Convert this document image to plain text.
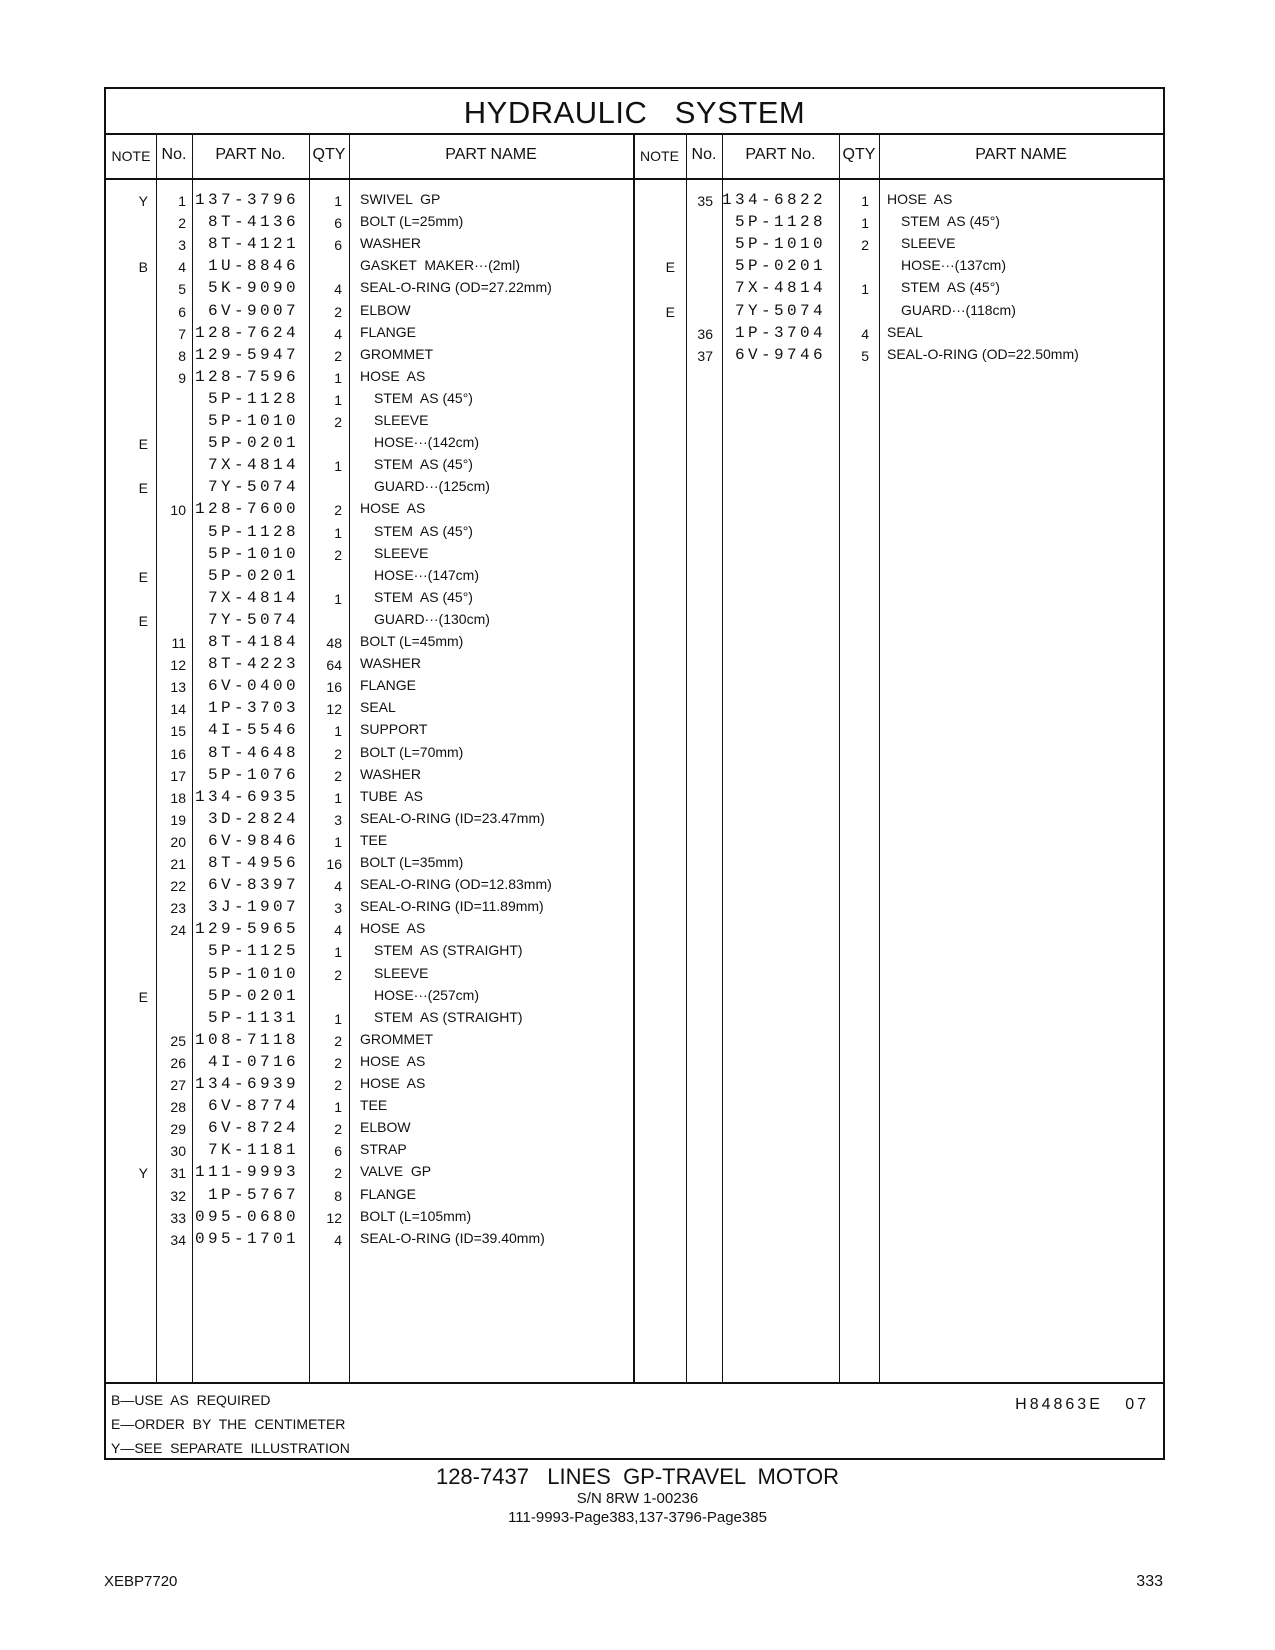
HYDRAULIC   SYSTEM
NOTE No.	PART No.	QTY	PART NAME	NOTE No.	PART No.	QTY	PART NAME
Y	1 137-3796	1 SWIVEL  GP
2	8T-4136	6 BOLT (L=25mm)
3	8T-4121	6 WASHER
B	4	1U-8846	GASKET  MAKER···(2ml)
5	5K-9090	4 SEAL-O-RING (OD=27.22mm)
6	6V-9007	2 ELBOW
7 128-7624	4 FLANGE
8 129-5947	2 GROMMET
9 128-7596	1 HOSE  AS
5P-1128	1 STEM  AS (45°)
5P-1010	2 SLEEVE
E	5P-0201	HOSE···(142cm)
7X-4814	1 STEM  AS (45°)
E	7Y-5074	GUARD···(125cm)
10 128-7600	2 HOSE  AS
5P-1128	1 STEM  AS (45°)
5P-1010	2 SLEEVE
E	5P-0201	HOSE···(147cm)
7X-4814	1 STEM  AS (45°)
E	7Y-5074	GUARD···(130cm)
11	8T-4184	48 BOLT (L=45mm)
12	8T-4223	64 WASHER
13	6V-0400	16 FLANGE
14	1P-3703	12 SEAL
15	4I-5546	1 SUPPORT
16	8T-4648	2 BOLT (L=70mm)
17	5P-1076	2 WASHER
18 134-6935	1 TUBE  AS
19	3D-2824	3 SEAL-O-RING (ID=23.47mm)
20	6V-9846	1 TEE
21	8T-4956	16 BOLT (L=35mm)
22	6V-8397	4 SEAL-O-RING (OD=12.83mm)
23	3J-1907	3 SEAL-O-RING (ID=11.89mm)
24 129-5965	4 HOSE  AS
5P-1125	1 STEM  AS (STRAIGHT)
5P-1010	2 SLEEVE
E	5P-0201	HOSE···(257cm)
5P-1131	1 STEM  AS (STRAIGHT)
25 108-7118	2 GROMMET
26	4I-0716	2 HOSE  AS
27 134-6939	2 HOSE  AS
28	6V-8774	1 TEE
29	6V-8724	2 ELBOW
30	7K-1181	6 STRAP
Y	31 111-9993	2 VALVE  GP
32	1P-5767	8 FLANGE
33 095-0680	12 BOLT (L=105mm)
34 095-1701	4 SEAL-O-RING (ID=39.40mm)
35 134-6822	1 HOSE  AS
5P-1128	1 STEM  AS (45°)
5P-1010	2 SLEEVE
E	5P-0201	HOSE···(137cm)
7X-4814	1 STEM  AS (45°)
E	7Y-5074	GUARD···(118cm)
36	1P-3704	4 SEAL
37	6V-9746	5 SEAL-O-RING (OD=22.50mm)
B—USE  AS  REQUIRED
E—ORDER  BY  THE  CENTIMETER
Y—SEE  SEPARATE  ILLUSTRATION
H84863E   07
128-7437   LINES  GP-TRAVEL  MOTOR
S/N 8RW 1-00236
111-9993-Page383,137-3796-Page385
XEBP7720	333
